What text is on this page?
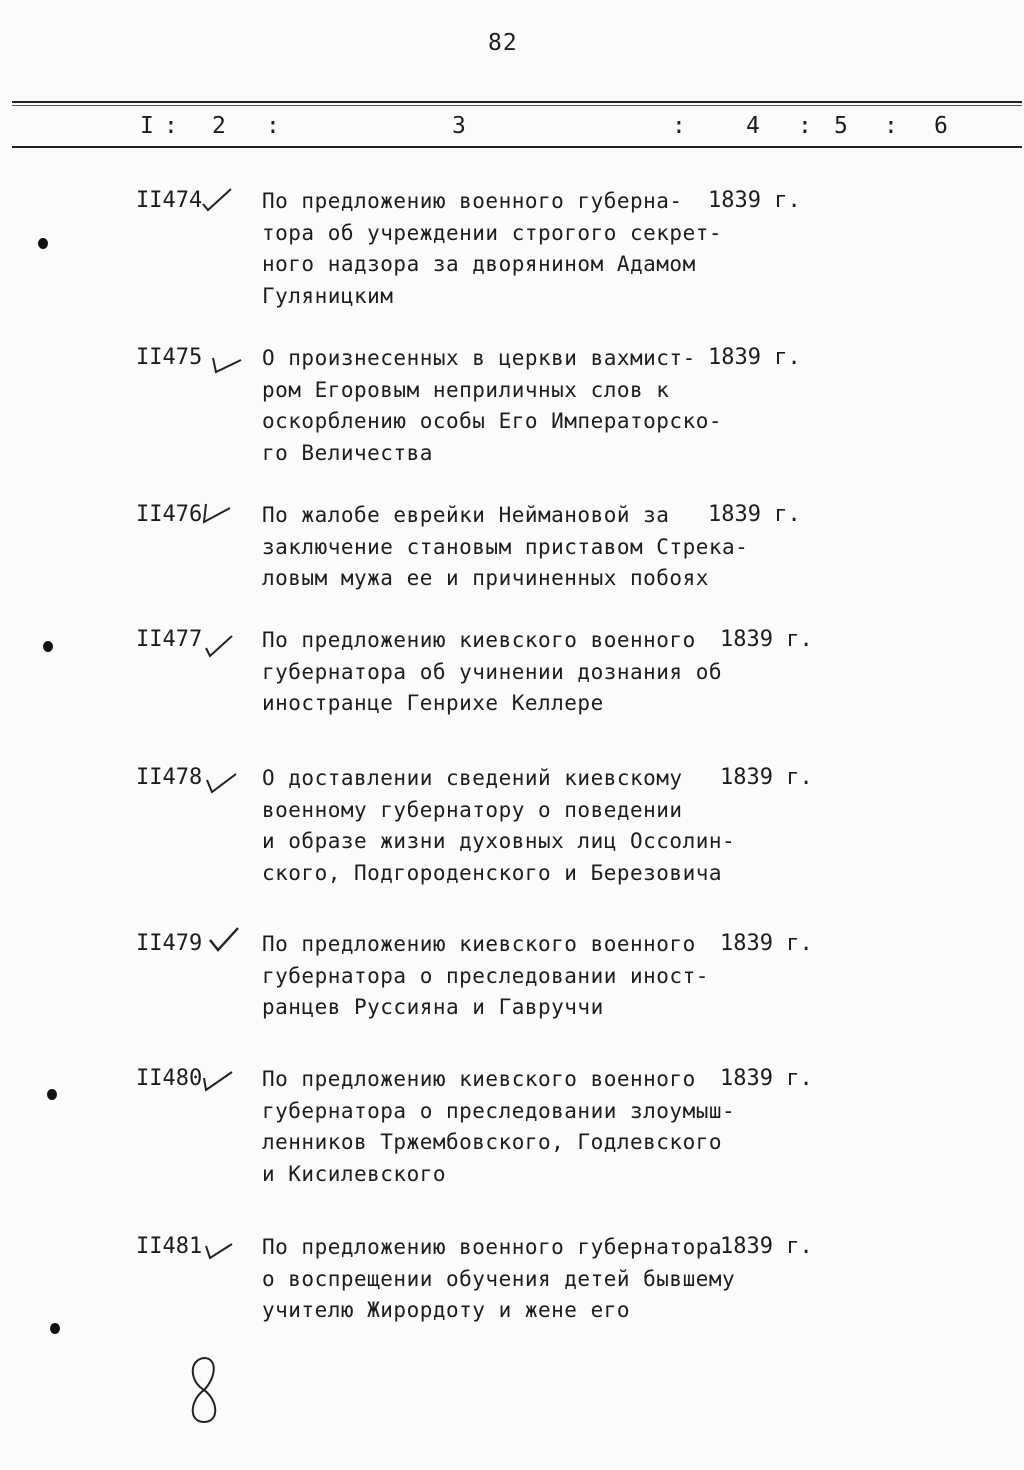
82
I : 2 :	3	:	4 : 5 : 6
II474	По предложению военного губерна-
тора об учреждении строгого секрет-
ного надзора за дворянином Адамом
Гуляницким
1839 г.
II475	О произнесенных в церкви вахмист-
ром Егоровым неприличных слов к
оскорблению особы Его Императорско-
го Величества
1839 г.
II476	По жалобе еврейки Неймановой за
заключение становым приставом Стрека-
ловым мужа ее и причиненных побоях
1839 г.
II477	По предложению киевского военного
губернатора об учинении дознания об
иностранце Генрихе Келлере
1839 г.
II478	О доставлении сведений киевскому
военному губернатору о поведении
и образе жизни духовных лиц Оссолин-
ского, Подгороденского и Березовича
1839 г.
II479	По предложению киевского военного
губернатора о преследовании иност-
ранцев Руссияна и Гавруччи
1839 г.
II480	По предложению киевского военного
губернатора о преследовании злоумыш-
ленников Тржембовского, Годлевского
и Кисилевского
1839 г.
II481	По предложению военного губернатора
о воспрещении обучения детей бывшему
учителю Жирордоту и жене его
1839 г.
